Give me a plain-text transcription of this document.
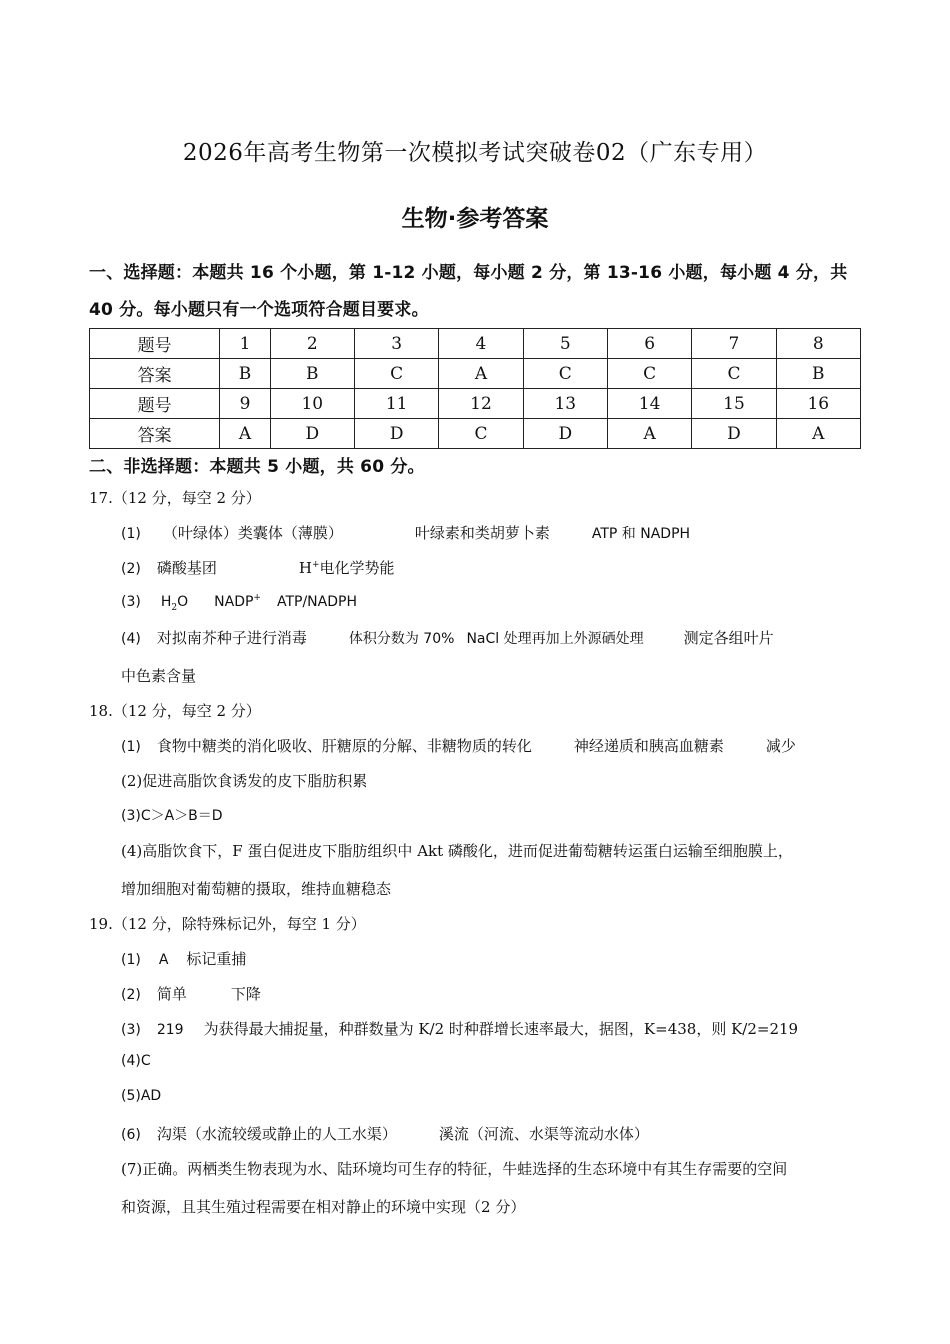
2026年高考生物第一次模拟考试突破卷02（广东专用）
生物·参考答案
一、选择题：本题共 16 个小题，第 1-12 小题，每小题 2 分，第 13-16 小题，每小题 4 分，共
40 分。每小题只有一个选项符合题目要求。
题号	1	2	3	4	5	6	7	8
答案	B	B	C	A	C	C	C	B
题号	9	10	11	12	13	14	15	16
答案	A	D	D	C	D	A	D	A
二、非选择题：本题共 5 小题，共 60 分。
17.（12 分，每空 2 分）
(1) （叶绿体）类囊体（薄膜）	叶绿素和类胡萝卜素	ATP 和 NADPH
(2) 磷酸基团	H+电化学势能
(3) $H_2O$ NADP+ ATP/NADPH
(4) 对拟南芥种子进行消毒	体积分数为 70% NaCl 处理再加上外源硒处理	测定各组叶片
中色素含量
18.（12 分，每空 2 分）
(1) 食物中糖类的消化吸收、肝糖原的分解、非糖物质的转化	神经递质和胰高血糖素	减少
(2)促进高脂饮食诱发的皮下脂肪积累
(3)C＞A＞B＝D
(4)高脂饮食下，F 蛋白促进皮下脂肪组织中 Akt 磷酸化，进而促进葡萄糖转运蛋白运输至细胞膜上，
增加细胞对葡萄糖的摄取，维持血糖稳态
19.（12 分，除特殊标记外，每空 1 分）
(1) A 标记重捕
(2) 简单	下降
(3) 219 为获得最大捕捉量，种群数量为 K/2 时种群增长速率最大，据图，K=438，则 K/2=219
(4)C
(5)AD
(6) 沟渠（水流较缓或静止的人工水渠）	溪流（河流、水渠等流动水体）
(7)正确。两栖类生物表现为水、陆环境均可生存的特征，牛蛙选择的生态环境中有其生存需要的空间
和资源，且其生殖过程需要在相对静止的环境中实现（2 分）
